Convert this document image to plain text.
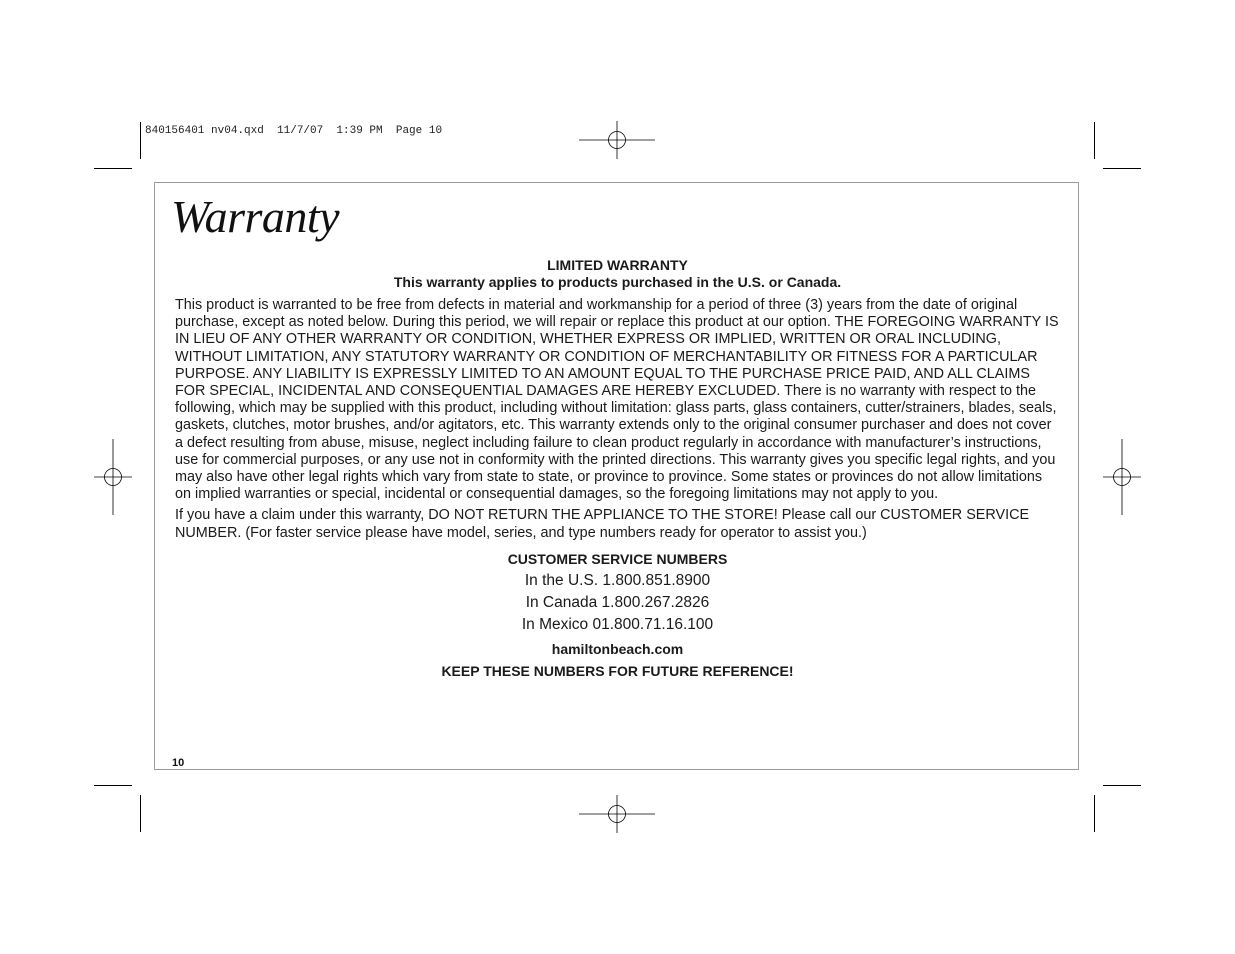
840156401 nv04.qxd  11/7/07  1:39 PM  Page 10
Warranty
LIMITED WARRANTY
This warranty applies to products purchased in the U.S. or Canada.

This product is warranted to be free from defects in material and workmanship for a period of three (3) years from the date of original purchase, except as noted below. During this period, we will repair or replace this product at our option. THE FOREGOING WARRANTY IS IN LIEU OF ANY OTHER WARRANTY OR CONDITION, WHETHER EXPRESS OR IMPLIED, WRITTEN OR ORAL INCLUDING, WITHOUT LIMITATION, ANY STATUTORY WARRANTY OR CONDITION OF MERCHANTABILITY OR FITNESS FOR A PARTICULAR PURPOSE. ANY LIABILITY IS EXPRESSLY LIMITED TO AN AMOUNT EQUAL TO THE PURCHASE PRICE PAID, AND ALL CLAIMS FOR SPECIAL, INCIDENTAL AND CONSEQUENTIAL DAMAGES ARE HEREBY EXCLUDED. There is no warranty with respect to the following, which may be supplied with this product, including without limitation: glass parts, glass containers, cutter/strainers, blades, seals, gaskets, clutches, motor brushes, and/or agitators, etc. This warranty extends only to the original consumer purchaser and does not cover a defect resulting from abuse, misuse, neglect including failure to clean product regularly in accordance with manufacturer’s instructions, use for commercial purposes, or any use not in conformity with the printed directions. This warranty gives you specific legal rights, and you may also have other legal rights which vary from state to state, or province to province. Some states or provinces do not allow limitations on implied warranties or special, incidental or consequential damages, so the foregoing limitations may not apply to you.

If you have a claim under this warranty, DO NOT RETURN THE APPLIANCE TO THE STORE! Please call our CUSTOMER SERVICE NUMBER. (For faster service please have model, series, and type numbers ready for operator to assist you.)

CUSTOMER SERVICE NUMBERS
In the U.S. 1.800.851.8900
In Canada 1.800.267.2826
In Mexico 01.800.71.16.100
hamiltonbeach.com
KEEP THESE NUMBERS FOR FUTURE REFERENCE!
10
